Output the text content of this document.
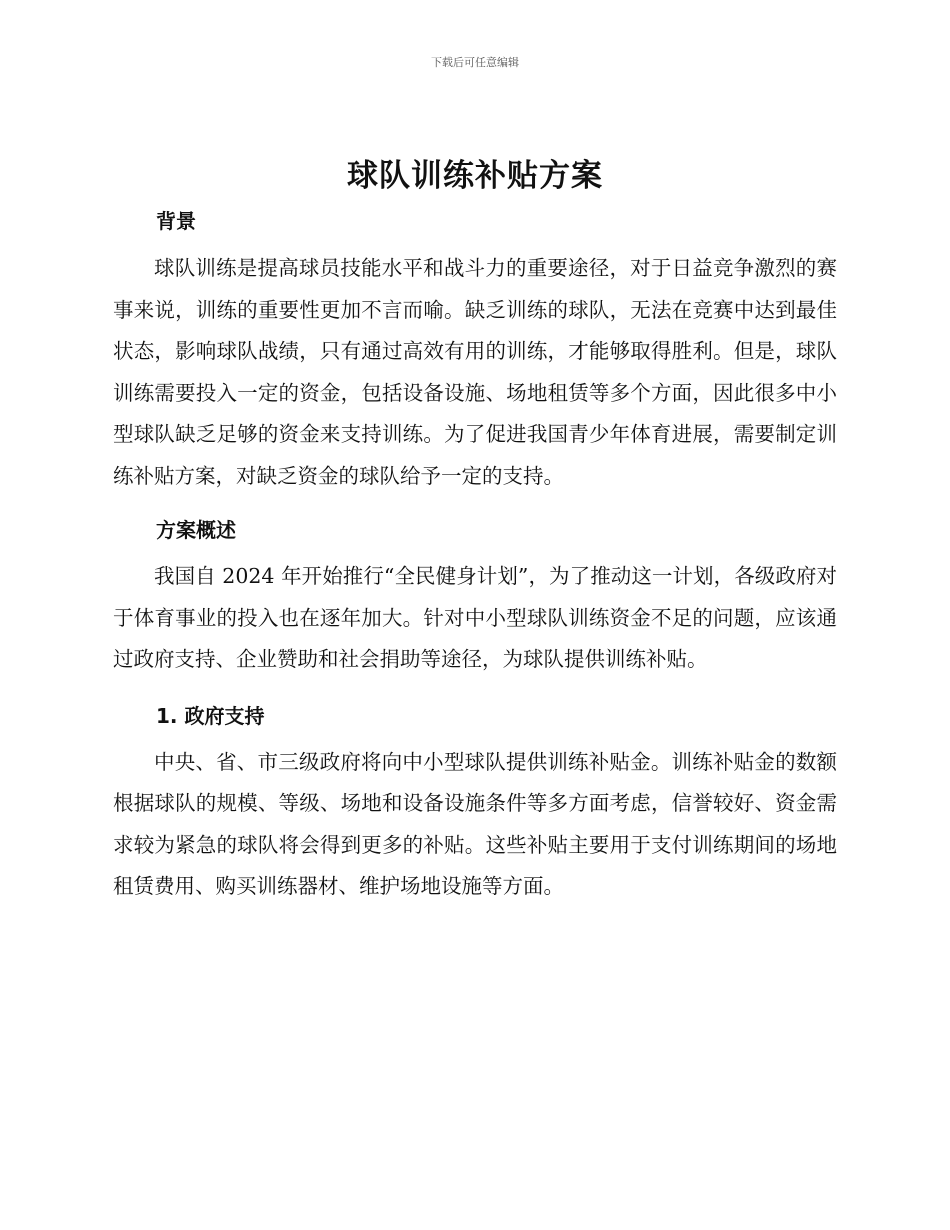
下载后可任意编辑
球队训练补贴方案
背景

球队训练是提高球员技能水平和战斗力的重要途径，对于日益竞争激烈的赛事来说，训练的重要性更加不言而喻。缺乏训练的球队，无法在竞赛中达到最佳状态，影响球队战绩，只有通过高效有用的训练，才能够取得胜利。但是，球队训练需要投入一定的资金，包括设备设施、场地租赁等多个方面，因此很多中小型球队缺乏足够的资金来支持训练。为了促进我国青少年体育进展，需要制定训练补贴方案，对缺乏资金的球队给予一定的支持。

方案概述

我国自 2024 年开始推行“全民健身计划”，为了推动这一计划，各级政府对于体育事业的投入也在逐年加大。针对中小型球队训练资金不足的问题，应该通过政府支持、企业赞助和社会捐助等途径，为球队提供训练补贴。

1. 政府支持

中央、省、市三级政府将向中小型球队提供训练补贴金。训练补贴金的数额根据球队的规模、等级、场地和设备设施条件等多方面考虑，信誉较好、资金需求较为紧急的球队将会得到更多的补贴。这些补贴主要用于支付训练期间的场地租赁费用、购买训练器材、维护场地设施等方面。
